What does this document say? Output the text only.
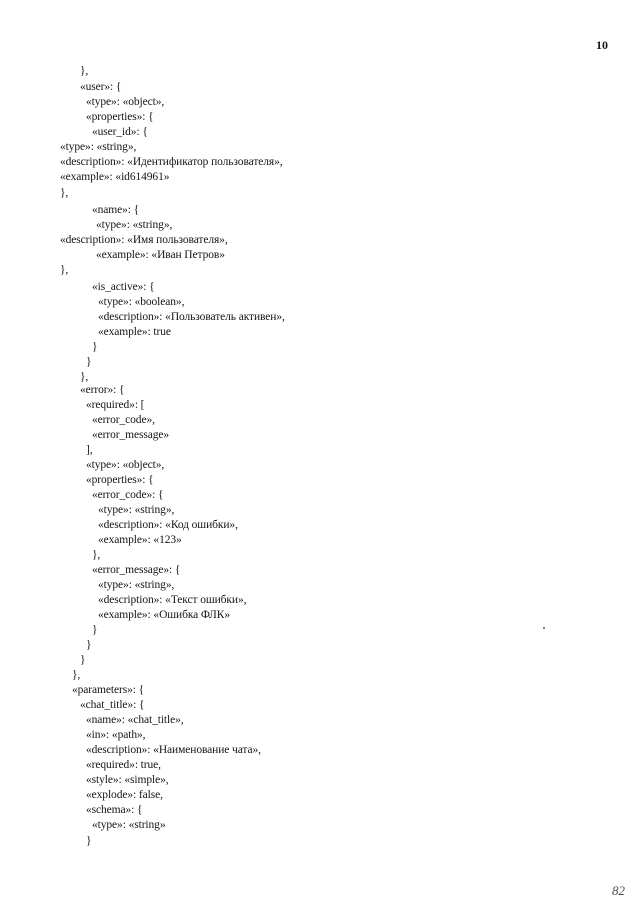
10
},
«user»: {
«type»: «object»,
«properties»: {
«user_id»: {
«type»: «string»,
«description»: «Идентификатор пользователя»,
«example»: «id614961»
},
«name»: {
«type»: «string»,
«description»: «Имя пользователя»,
«example»: «Иван Петров»
},
«is_active»: {
«type»: «boolean»,
«description»: «Пользователь активен»,
«example»: true
}
}
},
«error»: {
«required»: [
«error_code»,
«error_message»
],
«type»: «object»,
«properties»: {
«error_code»: {
«type»: «string»,
«description»: «Код ошибки»,
«example»: «123»
},
«error_message»: {
«type»: «string»,
«description»: «Текст ошибки»,
«example»: «Ошибка ФЛК»
}
}
}
},
«parameters»: {
«chat_title»: {
«name»: «chat_title»,
«in»: «path»,
«description»: «Наименование чата»,
«required»: true,
«style»: «simple»,
«explode»: false,
«schema»: {
«type»: «string»
}
82
